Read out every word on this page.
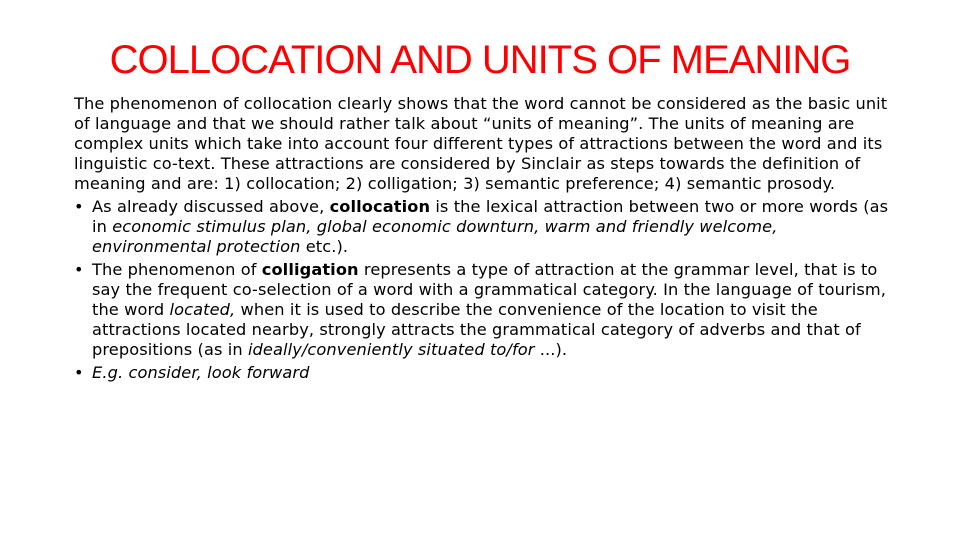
COLLOCATION AND UNITS OF MEANING

The phenomenon of collocation clearly shows that the word cannot be considered as the basic unit of language and that we should rather talk about “units of meaning”. The units of meaning are complex units which take into account four different types of attractions between the word and its linguistic co-text. These attractions are considered by Sinclair as steps towards the definition of meaning and are: 1) collocation; 2) colligation; 3) semantic preference; 4) semantic prosody.

• As already discussed above, collocation is the lexical attraction between two or more words (as in economic stimulus plan, global economic downturn, warm and friendly welcome, environmental protection etc.).
• The phenomenon of colligation represents a type of attraction at the grammar level, that is to say the frequent co-selection of a word with a grammatical category. In the language of tourism, the word located, when it is used to describe the convenience of the location to visit the attractions located nearby, strongly attracts the grammatical category of adverbs and that of prepositions (as in ideally/conveniently situated to/for ...).
• E.g. consider, look forward
